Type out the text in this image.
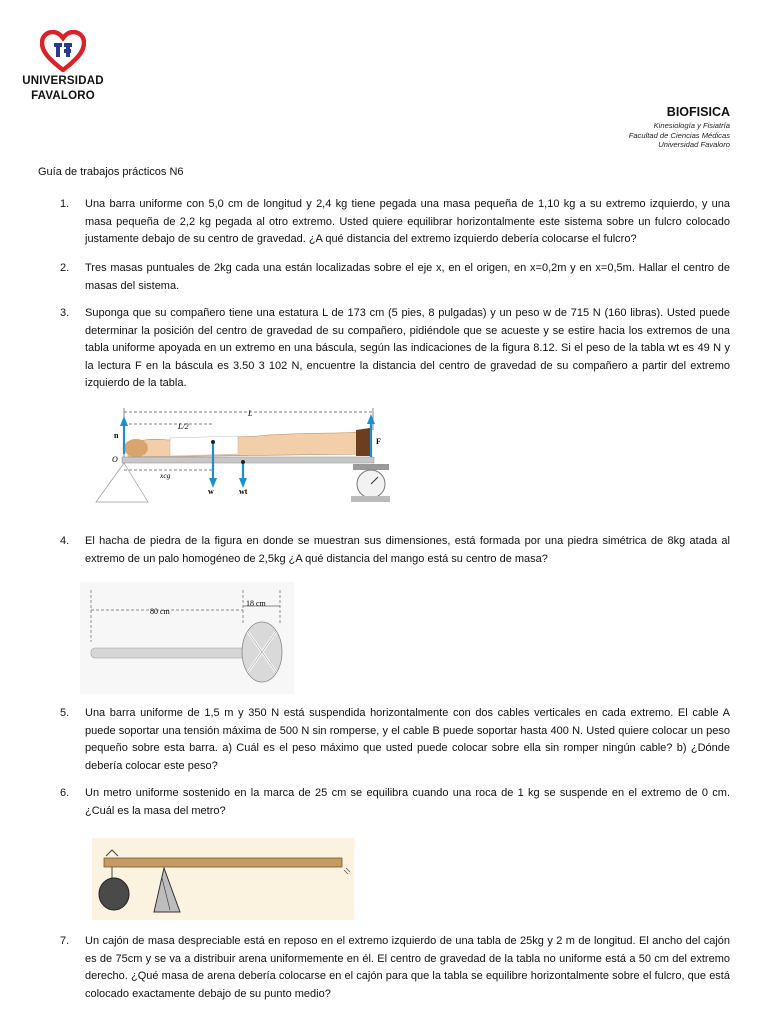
UNIVERSIDAD
FAVALORO
BIOFISICA
Kinesiología y Fisiatría
Facultad de Ciencias Médicas
Universidad Favaloro
Guía de trabajos prácticos N6
1. Una barra uniforme con 5,0 cm de longitud y 2,4 kg tiene pegada una masa pequeña de 1,10 kg a su extremo izquierdo, y una masa pequeña de 2,2 kg pegada al otro extremo. Usted quiere equilibrar horizontalmente este sistema sobre un fulcro colocado justamente debajo de su centro de gravedad. ¿A qué distancia del extremo izquierdo debería colocarse el fulcro?
2. Tres masas puntuales de 2kg cada una están localizadas sobre el eje x, en el origen, en x=0,2m y en x=0,5m. Hallar el centro de masas del sistema.
3. Suponga que su compañero tiene una estatura L de 173 cm (5 pies, 8 pulgadas) y un peso w de 715 N (160 libras). Usted puede determinar la posición del centro de gravedad de su compañero, pidiéndole que se acueste y se estire hacia los extremos de una tabla uniforme apoyada en un extremo en una báscula, según las indicaciones de la figura 8.12. Si el peso de la tabla wt es 49 N y la lectura F en la báscula es 3.50 3 102 N, encuentre la distancia del centro de gravedad de su compañero a partir del extremo izquierdo de la tabla.
L/2
L
xcg
n
O
w	wt
F
4. El hacha de piedra de la figura en donde se muestran sus dimensiones, está formada por una piedra simétrica de 8kg atada al extremo de un palo homogéneo de 2,5kg ¿A qué distancia del mango está su centro de masa?
80 cm
18 cm
5. Una barra uniforme de 1,5 m y 350 N está suspendida horizontalmente con dos cables verticales en cada extremo. El cable A puede soportar una tensión máxima de 500 N sin romperse, y el cable B puede soportar hasta 400 N. Usted quiere colocar un peso pequeño sobre esta barra. a) Cuál es el peso máximo que usted puede colocar sobre ella sin romper ningún cable? b) ¿Dónde debería colocar este peso?
6. Un metro uniforme sostenido en la marca de 25 cm se equilibra cuando una roca de 1 kg se suspende en el extremo de 0 cm. ¿Cuál es la masa del metro?
7. Un cajón de masa despreciable está en reposo en el extremo izquierdo de una tabla de 25kg y 2 m de longitud. El ancho del cajón es de 75cm y se va a distribuir arena uniformemente en él. El centro de gravedad de la tabla no uniforme está a 50 cm del extremo derecho. ¿Qué masa de arena debería colocarse en el cajón para que la tabla se equilibre horizontalmente sobre el fulcro, que está colocado exactamente debajo de su punto medio?
